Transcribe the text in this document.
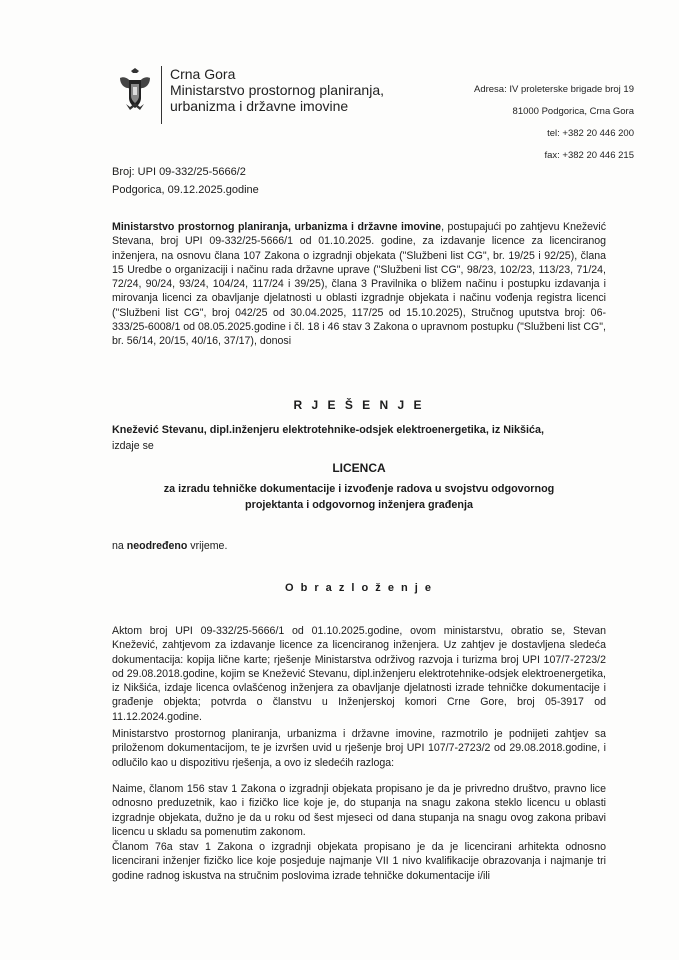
Crna Gora
Ministarstvo prostornog planiranja,
urbanizma i državne imovine
Adresa: IV proleterske brigade broj 19
81000 Podgorica, Crna Gora
tel: +382 20 446 200
fax: +382 20 446 215
Broj: UPI 09-332/25-5666/2
Podgorica, 09.12.2025.godine
Ministarstvo prostornog planiranja, urbanizma i državne imovine, postupajući po zahtjevu Knežević Stevana, broj UPI 09-332/25-5666/1 od 01.10.2025. godine, za izdavanje licence za licenciranog inženjera, na osnovu člana 107 Zakona o izgradnji objekata ("Službeni list CG", br. 19/25 i 92/25), člana 15 Uredbe o organizaciji i načinu rada državne uprave ("Službeni list CG", 98/23, 102/23, 113/23, 71/24, 72/24, 90/24, 93/24, 104/24, 117/24 i 39/25), člana 3 Pravilnika o bližem načinu i postupku izdavanja i mirovanja licenci za obavljanje djelatnosti u oblasti izgradnje objekata i načinu vođenja registra licenci ("Službeni list CG", broj 042/25 od 30.04.2025, 117/25 od 15.10.2025), Stručnog uputstva broj: 06-333/25-6008/1 od 08.05.2025.godine i čl. 18 i 46 stav 3 Zakona o upravnom postupku ("Službeni list CG", br. 56/14, 20/15, 40/16, 37/17), donosi
R J E Š E N J E
Knežević Stevanu, dipl.inženjeru elektrotehnike-odsjek elektroenergetika, iz Nikšića,
izdaje se
LICENCA
za izradu tehničke dokumentacije i izvođenje radova u svojstvu odgovornog
projektanta i odgovornog inženjera građenja
na neodređeno vrijeme.
O b r a z l o ž e n j e
Aktom broj UPI 09-332/25-5666/1 od 01.10.2025.godine, ovom ministarstvu, obratio se, Stevan Knežević, zahtjevom za izdavanje licence za licenciranog inženjera. Uz zahtjev je dostavljena sledeća dokumentacija: kopija lične karte; rješenje Ministarstva održivog razvoja i turizma broj UPI 107/7-2723/2 od 29.08.2018.godine, kojim se Knežević Stevanu, dipl.inženjeru elektrotehnike-odsjek elektroenergetika, iz Nikšića, izdaje licenca ovlašćenog inženjera za obavljanje djelatnosti izrade tehničke dokumentacije i građenje objekta; potvrda o članstvu u Inženjerskoj komori Crne Gore, broj 05-3917 od 11.12.2024.godine.
Ministarstvo prostornog planiranja, urbanizma i državne imovine, razmotrilo je podnijeti zahtjev sa priloženom dokumentacijom, te je izvršen uvid u rješenje broj UPI 107/7-2723/2 od 29.08.2018.godine, i odlučilo kao u dispozitivu rješenja, a ovo iz sledećih razloga:
Naime, članom 156 stav 1 Zakona o izgradnji objekata propisano je da je privredno društvo, pravno lice odnosno preduzetnik, kao i fizičko lice koje je, do stupanja na snagu zakona steklo licencu u oblasti izgradnje objekata, dužno je da u roku od šest mjeseci od dana stupanja na snagu ovog zakona pribavi licencu u skladu sa pomenutim zakonom.
Članom 76a stav 1 Zakona o izgradnji objekata propisano je da je licencirani arhitekta odnosno licencirani inženjer fizičko lice koje posjeduje najmanje VII 1 nivo kvalifikacije obrazovanja i najmanje tri godine radnog iskustva na stručnim poslovima izrade tehničke dokumentacije i/ili
